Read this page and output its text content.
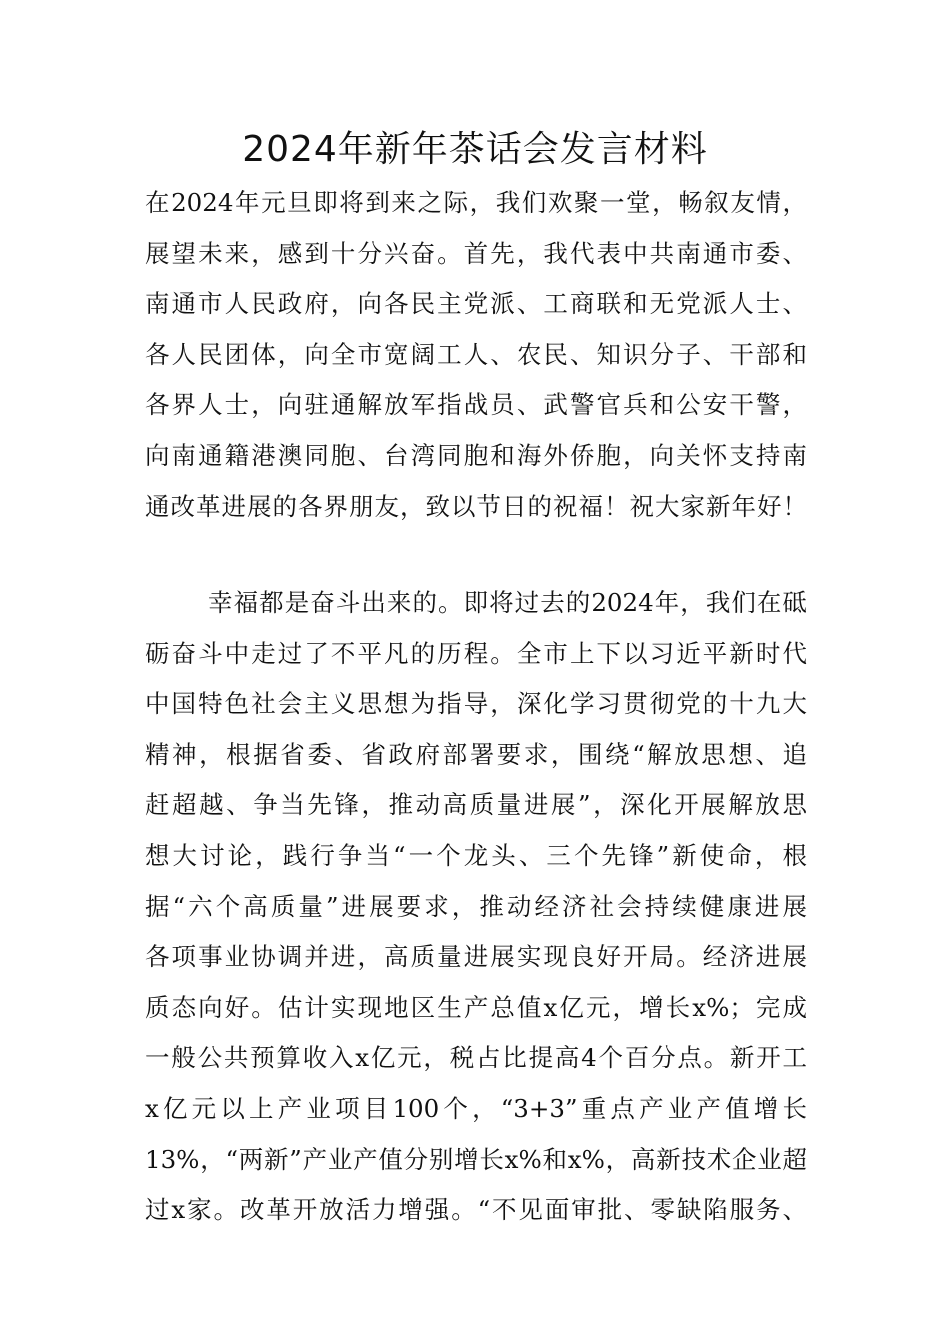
2024年新年茶话会发言材料
在2024年元旦即将到来之际，我们欢聚一堂，畅叙友情，
展望未来，感到十分兴奋。首先，我代表中共南通市委、
南通市人民政府，向各民主党派、工商联和无党派人士、
各人民团体，向全市宽阔工人、农民、知识分子、干部和
各界人士，向驻通解放军指战员、武警官兵和公安干警，
向南通籍港澳同胞、台湾同胞和海外侨胞，向关怀支持南
通改革进展的各界朋友，致以节日的祝福！祝大家新年好！
幸福都是奋斗出来的。即将过去的2024年，我们在砥
砺奋斗中走过了不平凡的历程。全市上下以习近平新时代
中国特色社会主义思想为指导，深化学习贯彻党的十九大
精神，根据省委、省政府部署要求，围绕“解放思想、追
赶超越、争当先锋，推动高质量进展”，深化开展解放思
想大讨论，践行争当“一个龙头、三个先锋”新使命，根
据“六个高质量”进展要求，推动经济社会持续健康进展
各项事业协调并进，高质量进展实现良好开局。经济进展
质态向好。估计实现地区生产总值x亿元，增长x%；完成
一般公共预算收入x亿元，税占比提高4个百分点。新开工
x亿元以上产业项目100个，“3+3”重点产业产值增长
13%，“两新”产业产值分别增长x%和x%，高新技术企业超
过x家。改革开放活力增强。“不见面审批、零缺陷服务、
